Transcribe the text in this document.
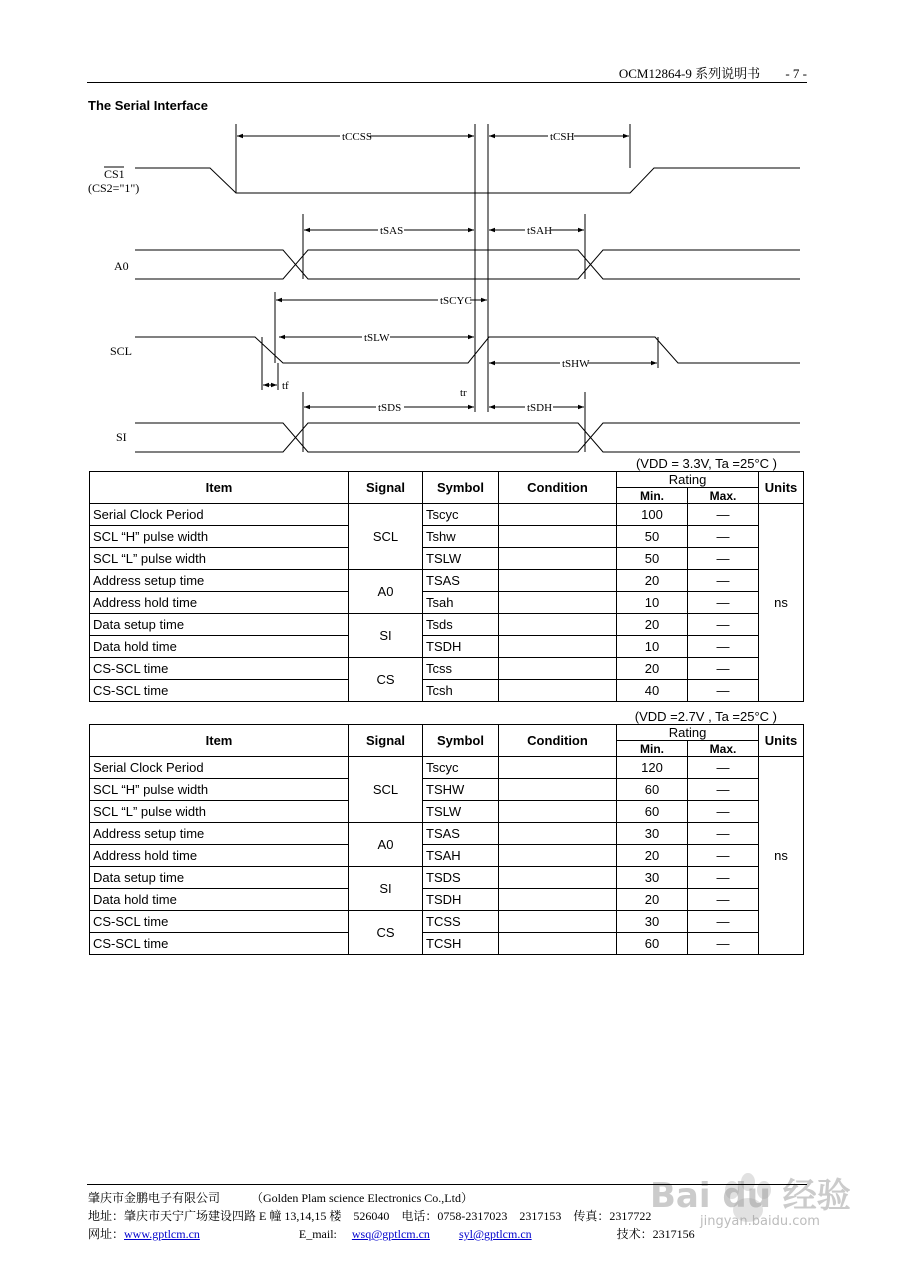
OCM12864-9 系列说明书 - 7 -
The Serial Interface
tCCSS	tCSH
tSAS	tSAH
tSCYC
tSLW
tSHW
tf
tr
tSDS	tSDH
CS1
(CS2="1")
A0
SCL
SI
(VDD = 3.3V, Ta =25°C )
Item	Signal	Symbol	Condition	Rating		Units
				Min.	Max.	
Serial Clock Period	SCL	Tscyc		100	—	ns
SCL “H” pulse width		Tshw		50	—	
SCL “L” pulse width		TSLW		50	—	
Address setup time	A0	TSAS		20	—	
Address hold time		Tsah		10	—	
Data setup time	SI	Tsds		20	—	
Data hold time		TSDH		10	—	
CS-SCL time	CS	Tcss		20	—	
CS-SCL time		Tcsh		40	—	
(VDD =2.7V , Ta =25°C )
Item	Signal	Symbol	Condition	Rating		Units
				Min.	Max.	
Serial Clock Period	SCL	Tscyc		120	—	ns
SCL “H” pulse width		TSHW		60	—	
SCL “L” pulse width		TSLW		60	—	
Address setup time	A0	TSAS		30	—	
Address hold time		TSAH		20	—	
Data setup time	SI	TSDS		30	—	
Data hold time		TSDH		20	—	
CS-SCL time	CS	TCSS		30	—	
CS-SCL time		TCSH		60	—	
Bai du 经验
jingyan.baidu.com
肇庆市金鹏电子有限公司	（Golden Plam science Electronics Co.,Ltd）
地址：肇庆市天宁广场建设四路 E 幢 13,14,15 楼　526040　电话：0758-2317023　2317153　传真：2317722
网址：www.gptlcm.cn	E_mail: wsq@gptlcm.cn syl@gptlcm.cn	技术：2317156
